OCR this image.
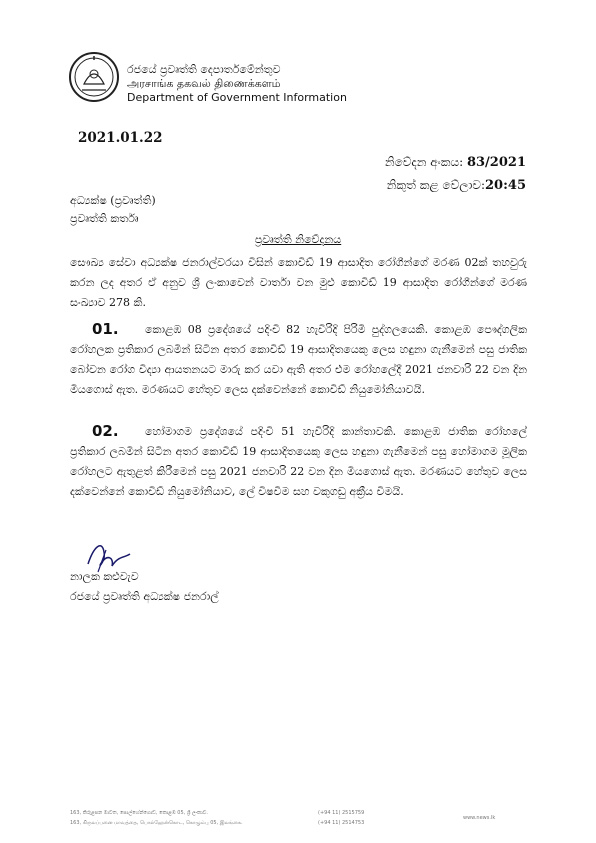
රජයේ ප්‍රවෘත්ති දෙපාර්තමේන්තුව
அரசாங்க தகவல் திணைக்களம்
Department of Government Information
2021.01.22
නිවේදන අංකය: 83/2021
නිකුත් කළ වේලාව:20:45
අධ්‍යක්ෂ (ප්‍රවෘත්ති)
ප්‍රවෘත්ති කර්තෘ
ප්‍රවෘත්ති නිවේදනය
සෞඛ්‍ය සේවා අධ්‍යක්ෂ ජනරාල්වරයා විසින් කොවිඩ් 19 ආසාදිත රෝගීන්ගේ මරණ 02ක් තහවුරු කරන ලද අතර ඒ අනුව ශ්‍රී ලංකාවෙන් වාර්තා වන මුළු කොවිඩ් 19 ආසාදිත රෝගීන්ගේ මරණ සංඛ්‍යාව 278 කි.
කොළඹ 08 ප්‍රදේශයේ පදිංචි 82 හැවිරිදි පිරිමි පුද්ගලයෙකි. කොළඹ පෞද්ගලික රෝහලක ප්‍රතිකාර ලබමින් සිටින අතර කොවිඩ් 19 ආසාදිතයෙකු ලෙස හඳුනා ගැනීමෙන් පසු ජාතික බෝවන රෝග විද්‍යා ආයතනයට මාරු කර යවා ඇති අතර එම රෝහලේදී 2021 ජනවාරි 22 වන දින මියගොස් ඇත. මරණයට හේතුව ලෙස දක්වෙන්නේ කොවිඩ් නියුමෝනියාවයි.
01.
හෝමාගම ප්‍රදේශයේ පදිංචි 51 හැවිරිදි කාන්තාවකි. කොළඹ ජාතික රෝහලේ ප්‍රතිකාර ලබමින් සිටින අතර කොවිඩ් 19 ආසාදිතයෙකු ලෙස හඳුනා ගැනීමෙන් පසු හෝමාගම මූලික රෝහලට ඇතුළත් කිරීමෙන් පසු 2021 ජනවාරි 22 වන දින මියගොස් ඇත. මරණයට හේතුව ලෙස දක්වෙන්නේ කොවිඩ් නියුමෝනියාව, ලේ විෂවීම සහ වකුගඩු අක්‍රීය වීමයි.
02.
නාලක කළුවැව
රජයේ ප්‍රවෘත්ති අධ්‍යක්ෂ ජනරාල්
163, කිරුළපන මාවත, පොල්හේන්ගොඩ, කොළඹ 05, ශ්‍රී ලංකාව.
163, கிருலப்பனை மாவத்தை, பொல்ஹேன்கொட, கொழும்பு 05, இலங்கை.
(+94 11) 2515759
(+94 11) 2514753
www.news.lk
